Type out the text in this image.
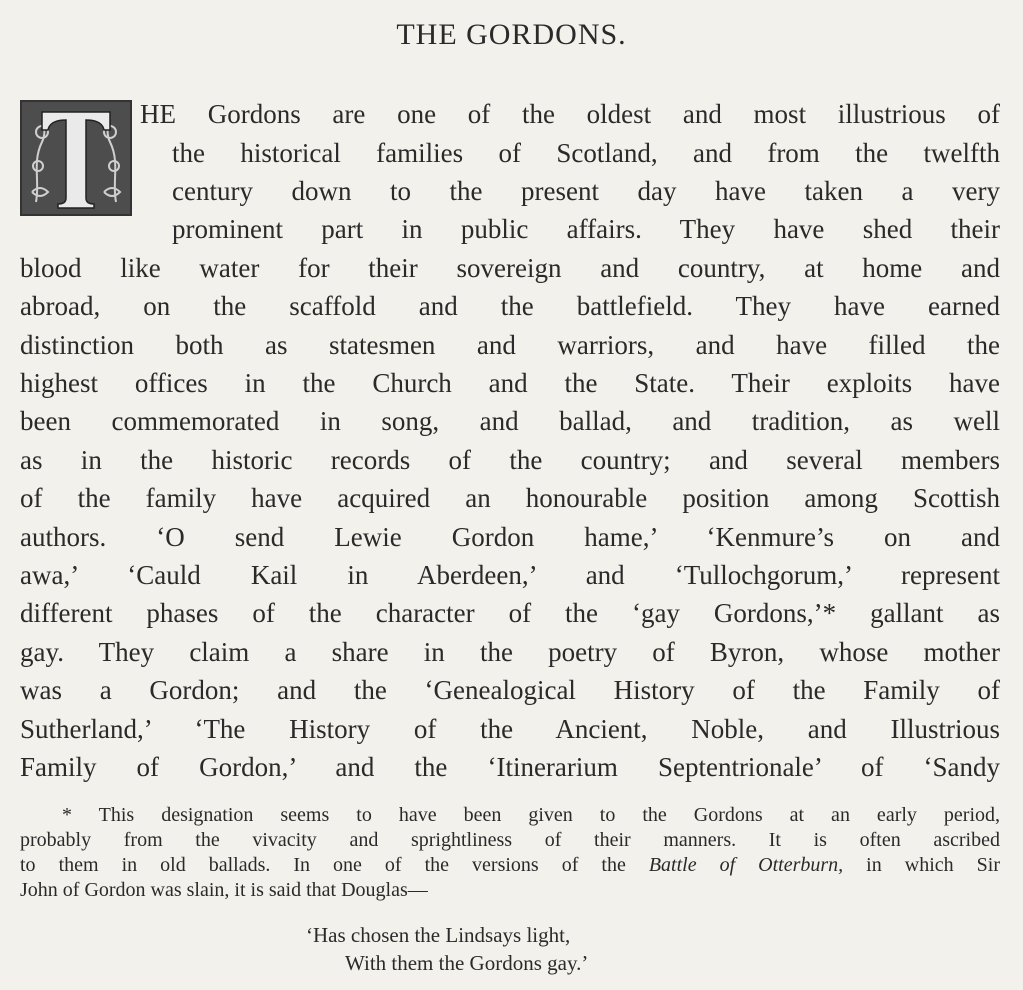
THE GORDONS.
HE Gordons are one of the oldest and most illustrious of
the historical families of Scotland, and from the twelfth
century down to the present day have taken a very
prominent part in public affairs. They have shed their
blood like water for their sovereign and country, at home and
abroad, on the scaffold and the battlefield. They have earned
distinction both as statesmen and warriors, and have filled the
highest offices in the Church and the State. Their exploits have
been commemorated in song, and ballad, and tradition, as well
as in the historic records of the country; and several members
of the family have acquired an honourable position among Scottish
authors. ‘O send Lewie Gordon hame,’ ‘Kenmure’s on and
awa,’ ‘Cauld Kail in Aberdeen,’ and ‘Tullochgorum,’ represent
different phases of the character of the ‘gay Gordons,’* gallant as
gay. They claim a share in the poetry of Byron, whose mother
was a Gordon; and the ‘Genealogical History of the Family of
Sutherland,’ ‘The History of the Ancient, Noble, and Illustrious
Family of Gordon,’ and the ‘Itinerarium Septentrionale’ of ‘Sandy
* This designation seems to have been given to the Gordons at an early period,
probably from the vivacity and sprightliness of their manners. It is often ascribed
to them in old ballads. In one of the versions of the Battle of Otterburn, in which Sir
John of Gordon was slain, it is said that Douglas—
‘Has chosen the Lindsays light,
With them the Gordons gay.’
